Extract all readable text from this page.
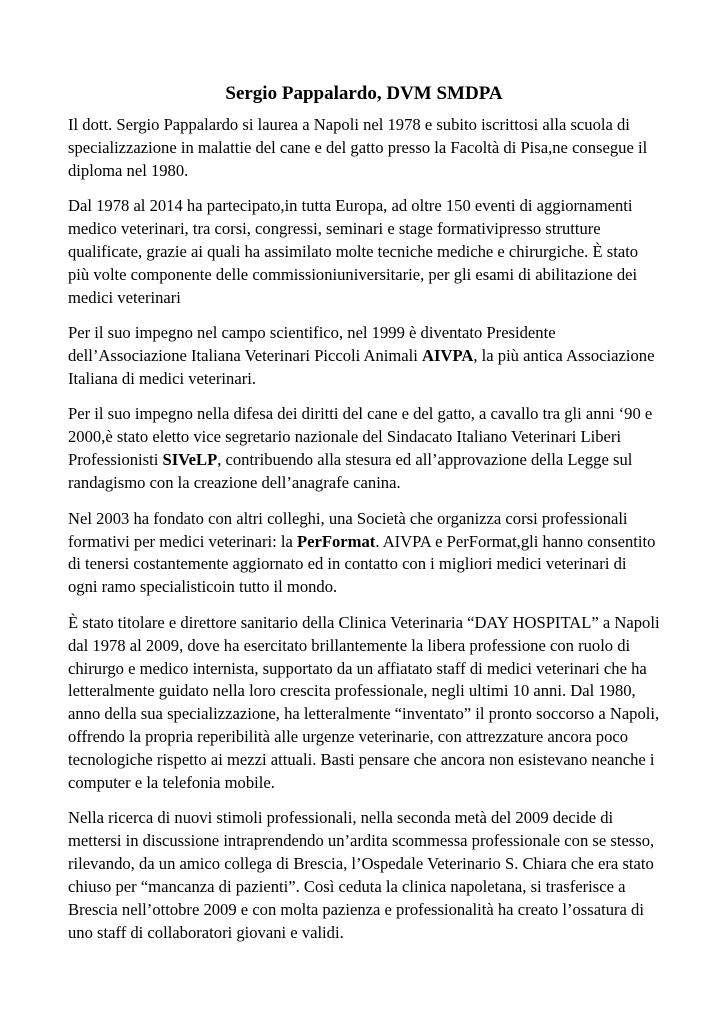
Sergio Pappalardo, DVM SMDPA

Il dott. Sergio Pappalardo si laurea a Napoli nel 1978 e subito iscrittosi alla scuola di specializzazione in malattie del cane e del gatto presso la Facoltà di Pisa,ne consegue il diploma nel 1980.

Dal 1978 al 2014 ha partecipato,in tutta Europa, ad oltre 150 eventi di aggiornamenti medico veterinari, tra corsi, congressi, seminari e stage formativipresso strutture qualificate, grazie ai quali ha assimilato molte tecniche mediche e chirurgiche. È stato più volte componente delle commissioniuniversitarie, per gli esami di abilitazione dei medici veterinari

Per il suo impegno nel campo scientifico, nel 1999 è diventato Presidente dell’Associazione Italiana Veterinari Piccoli Animali AIVPA, la più antica Associazione Italiana di medici veterinari.

Per il suo impegno nella difesa dei diritti del cane e del gatto, a cavallo tra gli anni ‘90 e 2000,è stato eletto vice segretario nazionale del Sindacato Italiano Veterinari Liberi Professionisti SIVeLP, contribuendo alla stesura ed all’approvazione della Legge sul randagismo con la creazione dell’anagrafe canina.

Nel 2003 ha fondato con altri colleghi, una Società che organizza corsi professionali formativi per medici veterinari: la PerFormat. AIVPA e PerFormat,gli hanno consentito di tenersi costantemente aggiornato ed in contatto con i migliori medici veterinari di ogni ramo specialisticoin tutto il mondo.

È stato titolare e direttore sanitario della Clinica Veterinaria “DAY HOSPITAL” a Napoli dal 1978 al 2009, dove ha esercitato brillantemente la libera professione con ruolo di chirurgo e medico internista, supportato da un affiatato staff di medici veterinari che ha letteralmente guidato nella loro crescita professionale, negli ultimi 10 anni. Dal 1980, anno della sua specializzazione, ha letteralmente “inventato” il pronto soccorso a Napoli, offrendo la propria reperibilità alle urgenze veterinarie, con attrezzature ancora poco tecnologiche rispetto ai mezzi attuali. Basti pensare che ancora non esistevano neanche i computer e la telefonia mobile.

Nella ricerca di nuovi stimoli professionali, nella seconda metà del 2009 decide di mettersi in discussione intraprendendo un’ardita scommessa professionale con se stesso, rilevando, da un amico collega di Brescia, l’Ospedale Veterinario S. Chiara che era stato chiuso per “mancanza di pazienti”. Così ceduta la clinica napoletana, si trasferisce a Brescia nell’ottobre 2009 e con molta pazienza e professionalità ha creato l’ossatura di uno staff di collaboratori giovani e validi.
